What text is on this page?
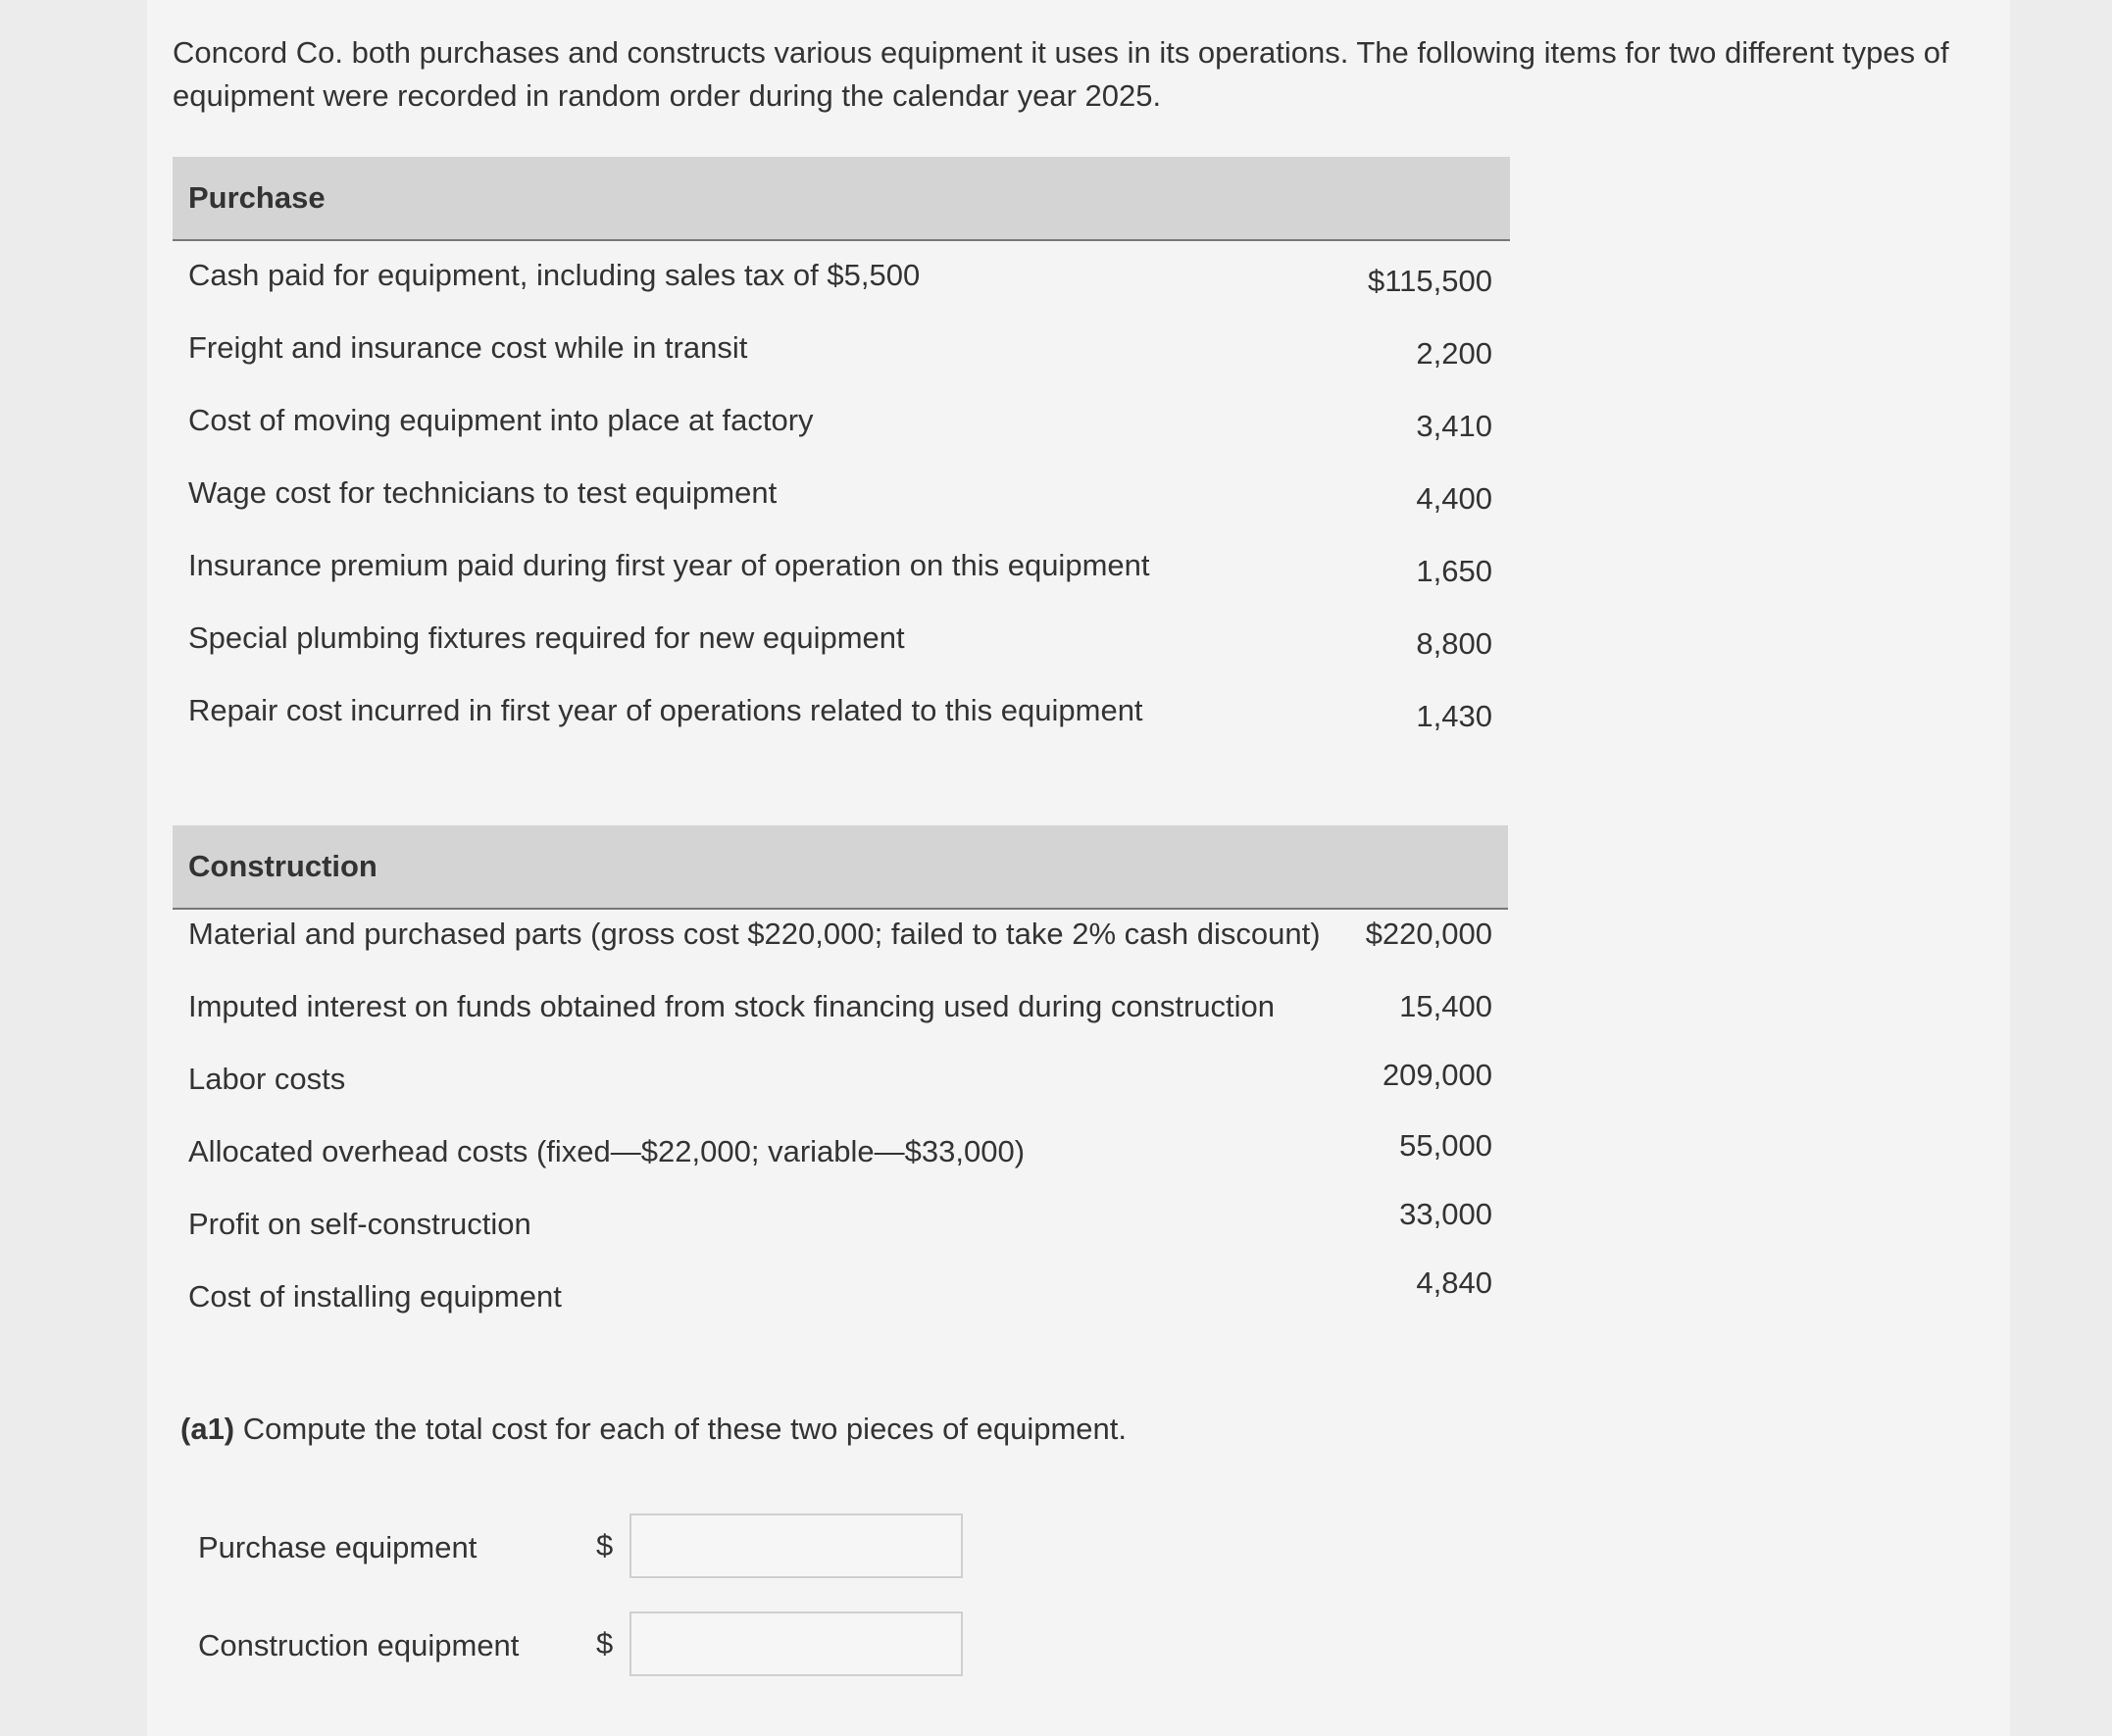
Concord Co. both purchases and constructs various equipment it uses in its operations. The following items for two different types of equipment were recorded in random order during the calendar year 2025.

Purchase
Cash paid for equipment, including sales tax of $5,500	$115,500
Freight and insurance cost while in transit	2,200
Cost of moving equipment into place at factory	3,410
Wage cost for technicians to test equipment	4,400
Insurance premium paid during first year of operation on this equipment	1,650
Special plumbing fixtures required for new equipment	8,800
Repair cost incurred in first year of operations related to this equipment	1,430
Construction
Material and purchased parts (gross cost $220,000; failed to take 2% cash discount) $220,000
Imputed interest on funds obtained from stock financing used during construction	15,400
Labor costs	209,000
Allocated overhead costs (fixed—$22,000; variable—$33,000)	55,000
Profit on self-construction	33,000
Cost of installing equipment	4,840
(a1) Compute the total cost for each of these two pieces of equipment.
Purchase equipment	$
Construction equipment	$
